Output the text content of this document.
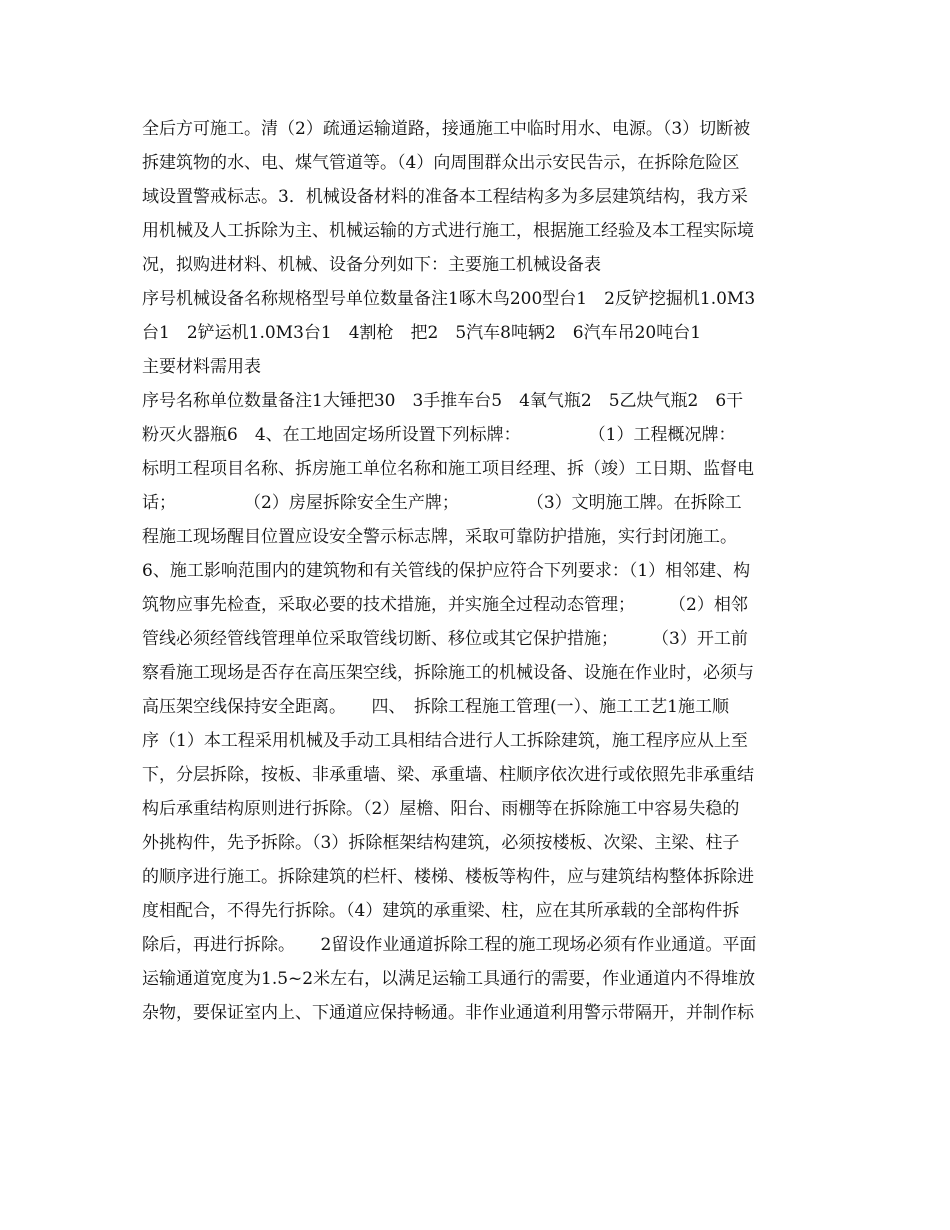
全后方可施工。清（2）疏通运输道路，接通施工中临时用水、电源。（3）切断被
拆建筑物的水、电、煤气管道等。（4）向周围群众出示安民告示，在拆除危险区
域设置警戒标志。3．机械设备材料的准备本工程结构多为多层建筑结构，我方采
用机械及人工拆除为主、机械运输的方式进行施工，根据施工经验及本工程实际境
况，拟购进材料、机械、设备分列如下：主要施工机械设备表
序号机械设备名称规格型号单位数量备注1啄木鸟200型台1　2反铲挖掘机1.0M3
台1　2铲运机1.0M3台1　4割枪　把2　5汽车8吨辆2　6汽车吊20吨台1
主要材料需用表
序号名称单位数量备注1大锤把30　3手推车台5　4氧气瓶2　5乙炔气瓶2　6干
粉灭火器瓶6　4、在工地固定场所设置下列标牌：　　　　　（1）工程概况牌：
标明工程项目名称、拆房施工单位名称和施工项目经理、拆（竣）工日期、监督电
话；　　　　　（2）房屋拆除安全生产牌；　　　　　（3）文明施工牌。在拆除工
程施工现场醒目位置应设安全警示标志牌，采取可靠防护措施，实行封闭施工。
6、施工影响范围内的建筑物和有关管线的保护应符合下列要求：（1）相邻建、构
筑物应事先检查，采取必要的技术措施，并实施全过程动态管理；　　　（2）相邻
管线必须经管线管理单位采取管线切断、移位或其它保护措施；　　　（3）开工前
察看施工现场是否存在高压架空线，拆除施工的机械设备、设施在作业时，必须与
高压架空线保持安全距离。　　四、　拆除工程施工管理(一）、施工工艺1施工顺
序（1）本工程采用机械及手动工具相结合进行人工拆除建筑，施工程序应从上至
下，分层拆除，按板、非承重墙、梁、承重墙、柱顺序依次进行或依照先非承重结
构后承重结构原则进行拆除。（2）屋檐、阳台、雨棚等在拆除施工中容易失稳的
外挑构件，先予拆除。（3）拆除框架结构建筑，必须按楼板、次梁、主梁、柱子
的顺序进行施工。拆除建筑的栏杆、楼梯、楼板等构件，应与建筑结构整体拆除进
度相配合，不得先行拆除。（4）建筑的承重梁、柱，应在其所承载的全部构件拆
除后，再进行拆除。　　2留设作业通道拆除工程的施工现场必须有作业通道。平面
运输通道宽度为1.5~2米左右，以满足运输工具通行的需要，作业通道内不得堆放
杂物，要保证室内上、下通道应保持畅通。非作业通道利用警示带隔开，并制作标
